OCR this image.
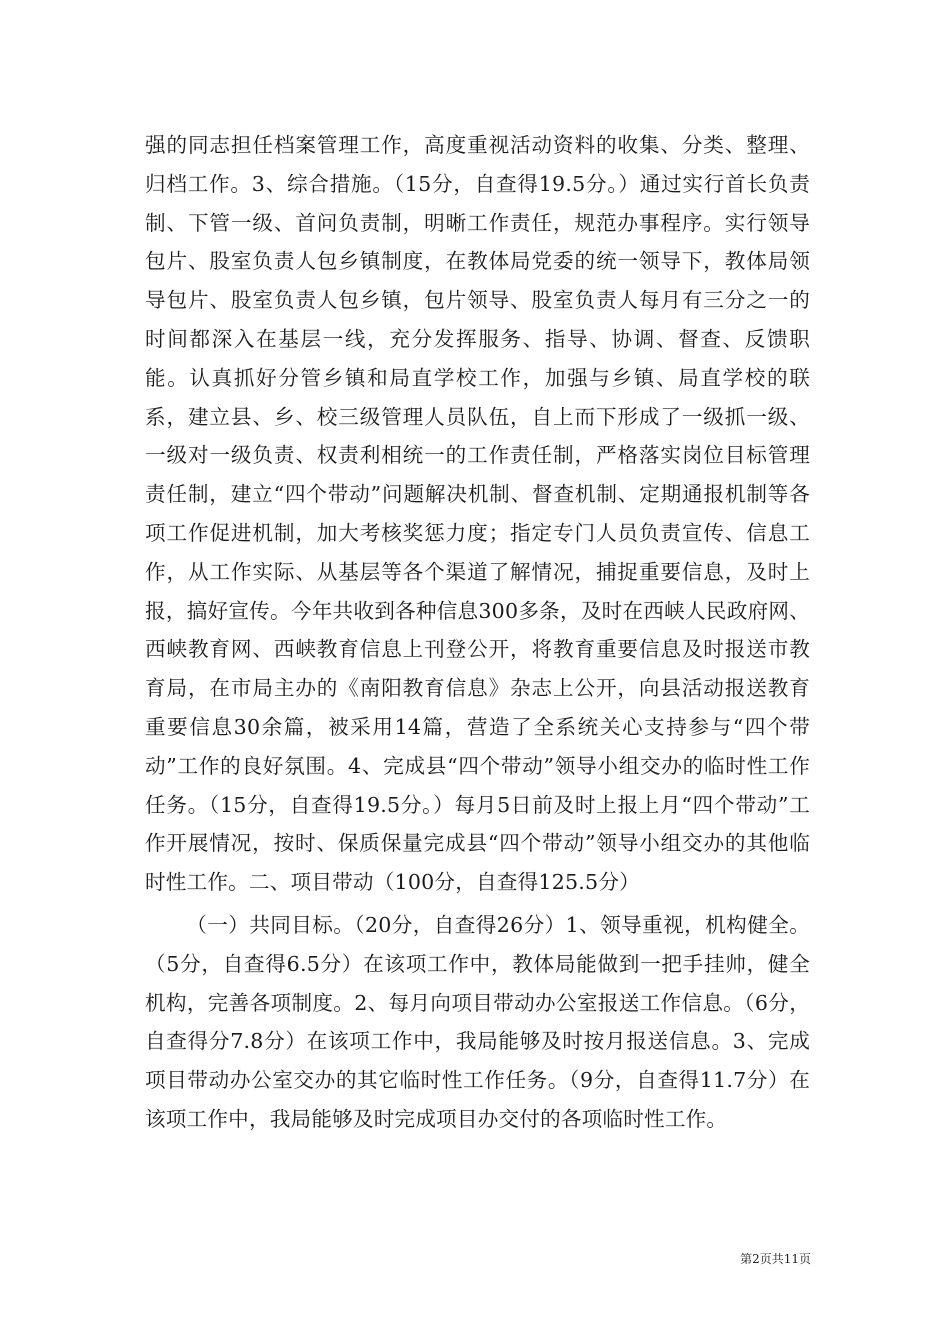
强的同志担任档案管理工作，高度重视活动资料的收集、分类、整理、归档工作。3、综合措施。（15分，自查得19.5分。）通过实行首长负责制、下管一级、首问负责制，明晰工作责任，规范办事程序。实行领导包片、股室负责人包乡镇制度，在教体局党委的统一领导下，教体局领导包片、股室负责人包乡镇，包片领导、股室负责人每月有三分之一的时间都深入在基层一线，充分发挥服务、指导、协调、督查、反馈职能。认真抓好分管乡镇和局直学校工作，加强与乡镇、局直学校的联系，建立县、乡、校三级管理人员队伍，自上而下形成了一级抓一级、一级对一级负责、权责利相统一的工作责任制，严格落实岗位目标管理责任制，建立“四个带动”问题解决机制、督查机制、定期通报机制等各项工作促进机制，加大考核奖惩力度；指定专门人员负责宣传、信息工作，从工作实际、从基层等各个渠道了解情况，捕捉重要信息，及时上报，搞好宣传。今年共收到各种信息300多条，及时在西峡人民政府网、西峡教育网、西峡教育信息上刊登公开，将教育重要信息及时报送市教育局，在市局主办的《南阳教育信息》杂志上公开，向县活动报送教育重要信息30余篇，被采用14篇，营造了全系统关心支持参与“四个带动”工作的良好氛围。4、完成县“四个带动”领导小组交办的临时性工作任务。（15分，自查得19.5分。）每月5日前及时上报上月“四个带动”工作开展情况，按时、保质保量完成县“四个带动”领导小组交办的其他临时性工作。二、项目带动（100分，自查得125.5分）

（一）共同目标。（20分，自查得26分）1、领导重视，机构健全。（5分，自查得6.5分）在该项工作中，教体局能做到一把手挂帅，健全机构，完善各项制度。2、每月向项目带动办公室报送工作信息。（6分，自查得分7.8分）在该项工作中，我局能够及时按月报送信息。3、完成项目带动办公室交办的其它临时性工作任务。（9分，自查得11.7分）在该项工作中，我局能够及时完成项目办交付的各项临时性工作。

第2页共11页
